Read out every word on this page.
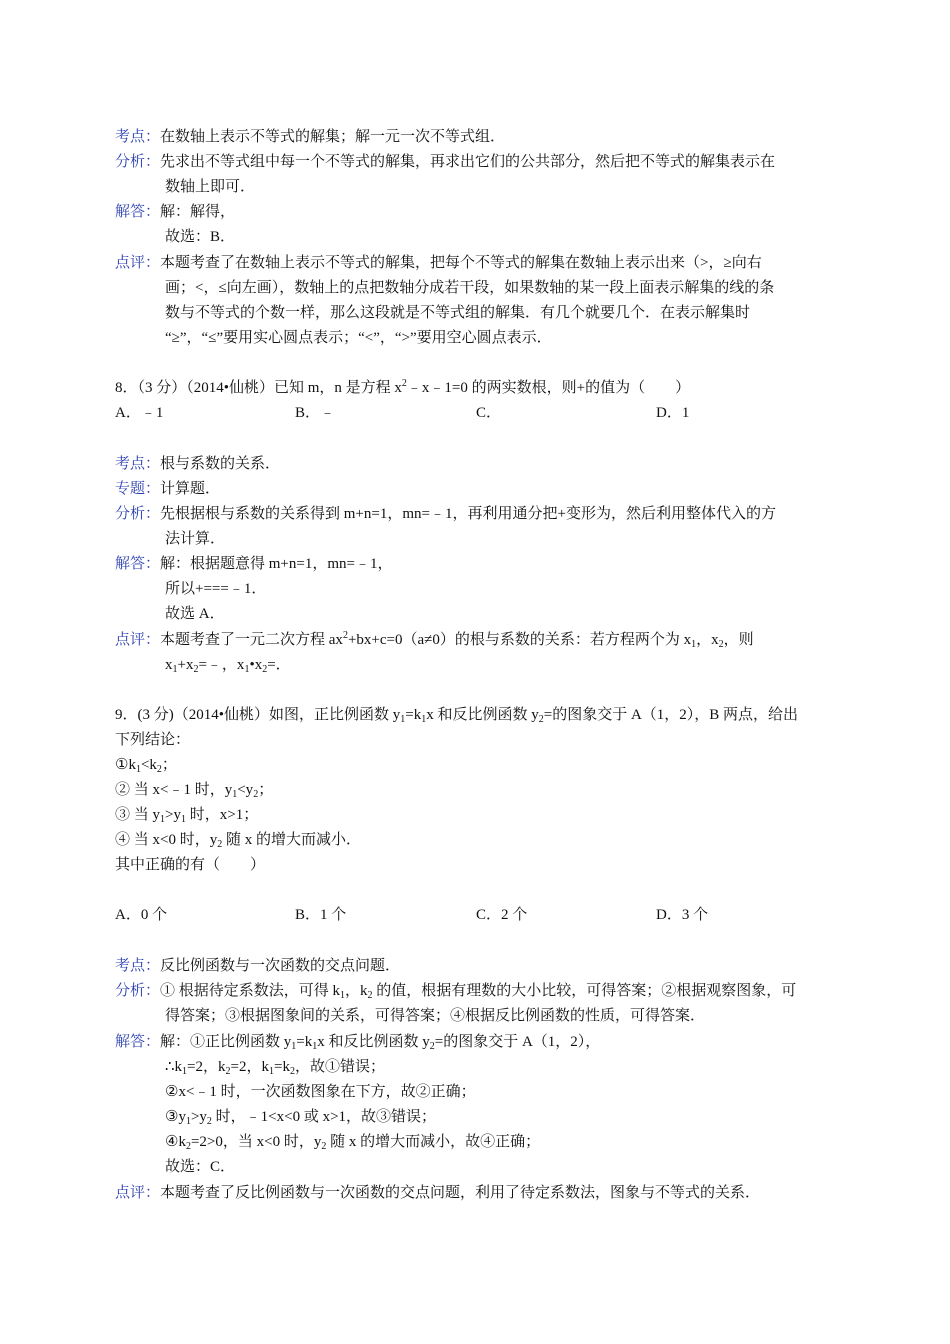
考点：在数轴上表示不等式的解集；解一元一次不等式组．
分析：先求出不等式组中每一个不等式的解集，再求出它们的公共部分，然后把不等式的解集表示在
数轴上即可．
解答：解：解得，
故选：B．
点评：本题考查了在数轴上表示不等式的解集，把每个不等式的解集在数轴上表示出来（>，≥向右
画；<，≤向左画），数轴上的点把数轴分成若干段，如果数轴的某一段上面表示解集的线的条
数与不等式的个数一样，那么这段就是不等式组的解集．有几个就要几个．在表示解集时
“≥”，“≤”要用实心圆点表示；“<”，“>”要用空心圆点表示．
8．（3 分）（2014•仙桃）已知 m，n 是方程 $x^2﹣x﹣1=0$ 的两实数根，则+的值为（　　）
A．﹣1	B．﹣	C．	D．1
考点：根与系数的关系．
专题：计算题．
分析：先根据根与系数的关系得到 m+n=1，mn=﹣1，再利用通分把+变形为，然后利用整体代入的方
法计算．
解答：解：根据题意得 m+n=1，mn=﹣1，
所以+===﹣1．
故选 A．
点评：本题考查了一元二次方程 $ax^2+bx+c=0(a\ne 0)$的根与系数的关系：若方程两个为 $x_1$，$x_2$，则
$x_1+x_2=﹣$，$x_1•x_2=$．
9．(3 分)（2014•仙桃）如图，正比例函数 $y_1=k_1x$ 和反比例函数 $y_2=$的图象交于 A（1，2），B 两点，给出
下列结论：
$①k_1<k_2$；
② 当 x<﹣1 时，$y_1<y_2$；
③ 当 $y_1>y_1$ 时，x>1；
④ 当 x<0 时，$y_2$ 随 x 的增大而减小．
其中正确的有（　　）
A．0 个	B．1 个	C．2 个	D．3 个
考点：反比例函数与一次函数的交点问题．
分析：① 根据待定系数法，可得 $k_1$，$k_2$ 的值，根据有理数的大小比较，可得答案；②根据观察图象，可
得答案；③根据图象间的关系，可得答案；④根据反比例函数的性质，可得答案．
解答：解：①正比例函数 $y_1=k_1x$ 和反比例函数 $y_2=$的图象交于 A（1，2），
$\therefore k_1=2$，$k_2=2$，$k_1=k_2$，故①错误；
②x<﹣1 时，一次函数图象在下方，故②正确；
$③y_1>y_2$ 时，﹣1<x<0 或 x>1，故③错误；
$④k_2=2>0$，当 x<0 时，$y_2$ 随 x 的增大而减小，故④正确；
故选：C．
点评：本题考查了反比例函数与一次函数的交点问题，利用了待定系数法，图象与不等式的关系．
